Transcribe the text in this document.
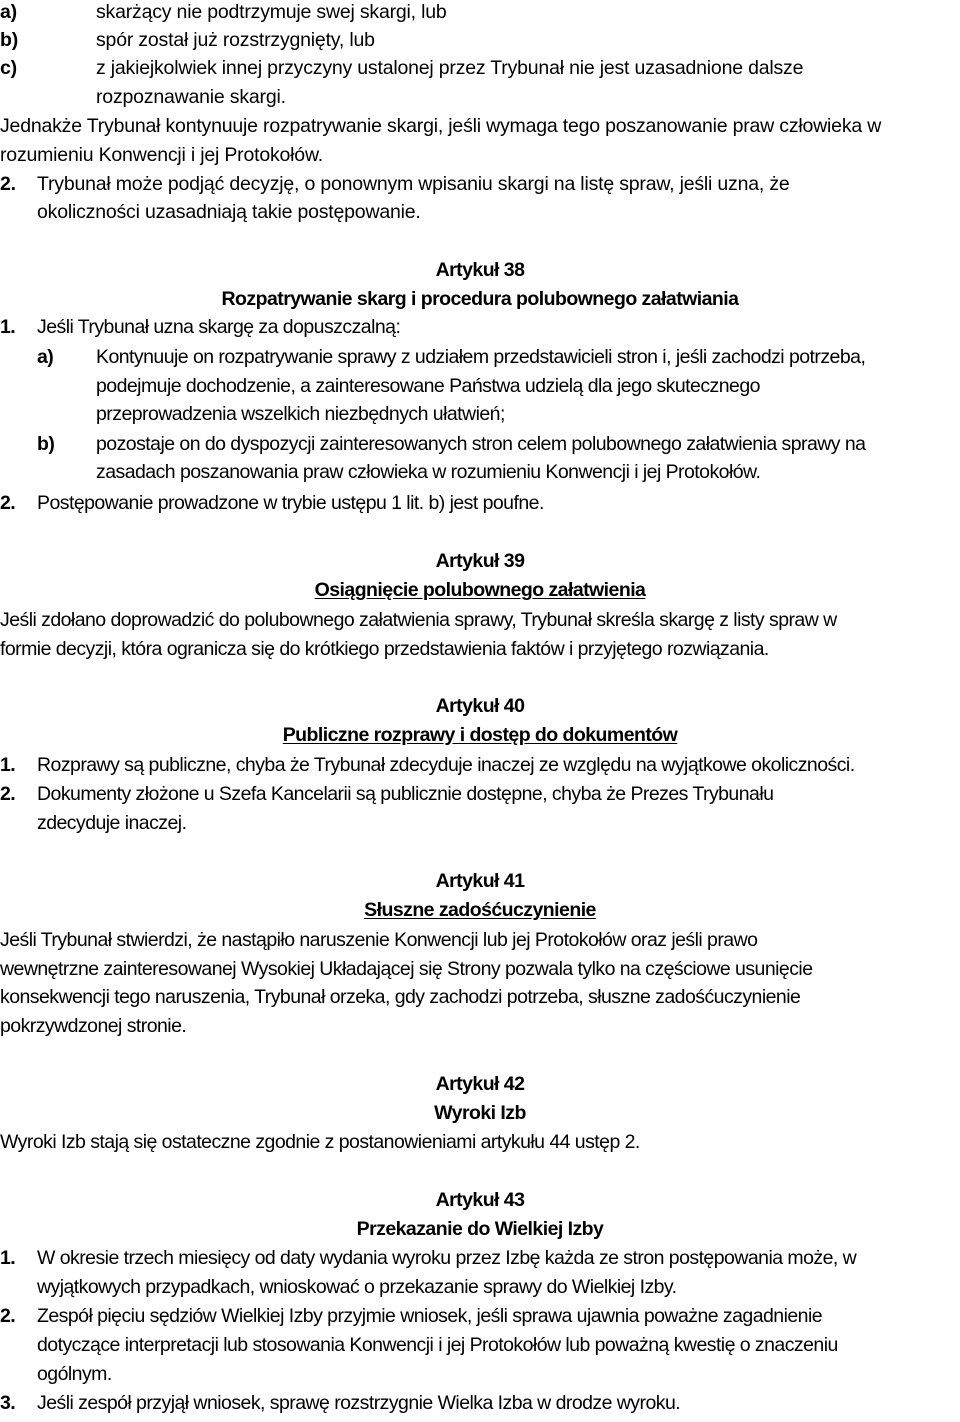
a)	skarżący nie podtrzymuje swej skargi, lub
b)	spór został już rozstrzygnięty, lub
c)	z jakiejkolwiek innej przyczyny ustalonej przez Trybunał nie jest uzasadnione dalsze
rozpoznawanie skargi.
Jednakże Trybunał kontynuuje rozpatrywanie skargi, jeśli wymaga tego poszanowanie praw człowieka w
rozumieniu Konwencji i jej Protokołów.
2. Trybunał może podjąć decyzję, o ponownym wpisaniu skargi na listę spraw, jeśli uzna, że
okoliczności uzasadniają takie postępowanie.
Artykuł 38
Rozpatrywanie skarg i procedura polubownego załatwiania
1. Jeśli Trybunał uzna skargę za dopuszczalną:
a) Kontynuuje on rozpatrywanie sprawy z udziałem przedstawicieli stron i, jeśli zachodzi potrzeba,
podejmuje dochodzenie, a zainteresowane Państwa udzielą dla jego skutecznego
przeprowadzenia wszelkich niezbędnych ułatwień;
b) pozostaje on do dyspozycji zainteresowanych stron celem polubownego załatwienia sprawy na
zasadach poszanowania praw człowieka w rozumieniu Konwencji i jej Protokołów.
2. Postępowanie prowadzone w trybie ustępu 1 lit. b) jest poufne.
Artykuł 39
Osiągnięcie polubownego załatwienia
Jeśli zdołano doprowadzić do polubownego załatwienia sprawy, Trybunał skreśla skargę z listy spraw w
formie decyzji, która ogranicza się do krótkiego przedstawienia faktów i przyjętego rozwiązania.
Artykuł 40
Publiczne rozprawy i dostęp do dokumentów
1. Rozprawy są publiczne, chyba że Trybunał zdecyduje inaczej ze względu na wyjątkowe okoliczności.
2. Dokumenty złożone u Szefa Kancelarii są publicznie dostępne, chyba że Prezes Trybunału
zdecyduje inaczej.
Artykuł 41
Słuszne zadośćuczynienie
Jeśli Trybunał stwierdzi, że nastąpiło naruszenie Konwencji lub jej Protokołów oraz jeśli prawo
wewnętrzne zainteresowanej Wysokiej Układającej się Strony pozwala tylko na częściowe usunięcie
konsekwencji tego naruszenia, Trybunał orzeka, gdy zachodzi potrzeba, słuszne zadośćuczynienie
pokrzywdzonej stronie.
Artykuł 42
Wyroki Izb
Wyroki Izb stają się ostateczne zgodnie z postanowieniami artykułu 44 ustęp 2.
Artykuł 43
Przekazanie do Wielkiej Izby
1. W okresie trzech miesięcy od daty wydania wyroku przez Izbę każda ze stron postępowania może, w
wyjątkowych przypadkach, wnioskować o przekazanie sprawy do Wielkiej Izby.
2. Zespół pięciu sędziów Wielkiej Izby przyjmie wniosek, jeśli sprawa ujawnia poważne zagadnienie
dotyczące interpretacji lub stosowania Konwencji i jej Protokołów lub poważną kwestię o znaczeniu
ogólnym.
3. Jeśli zespół przyjął wniosek, sprawę rozstrzygnie Wielka Izba w drodze wyroku.
